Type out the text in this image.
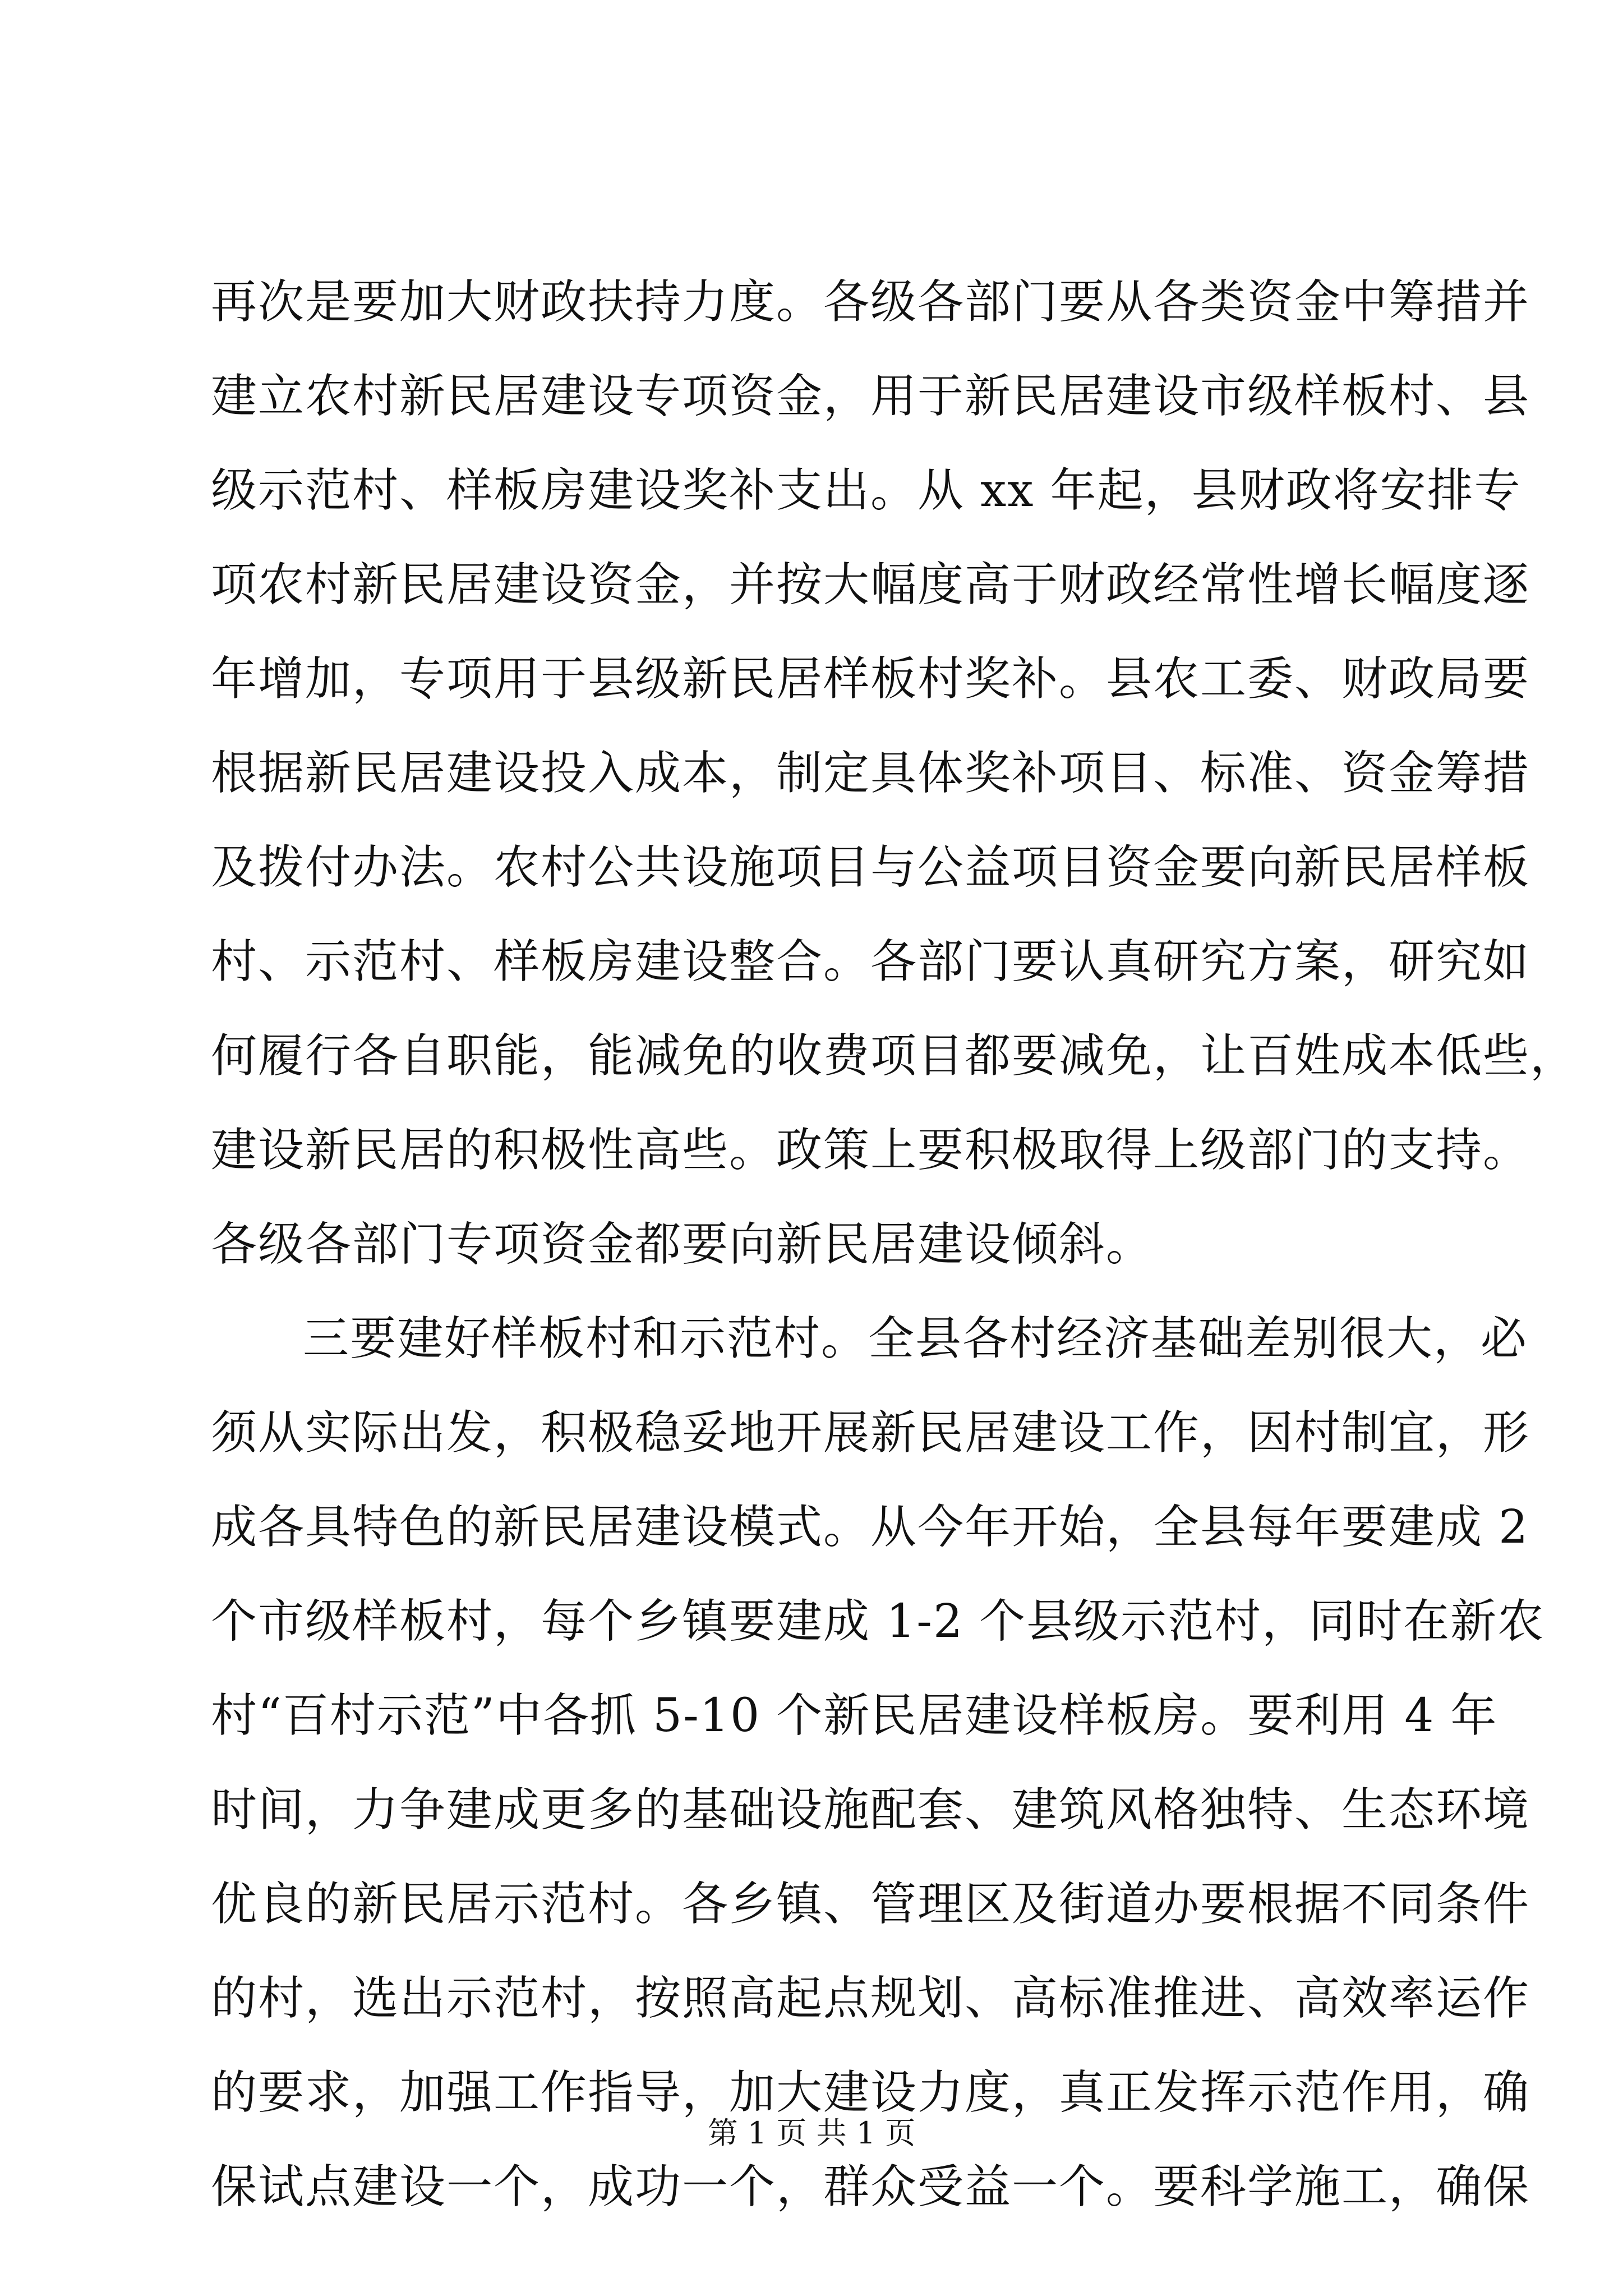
再次是要加大财政扶持力度。各级各部门要从各类资金中筹措并
建立农村新民居建设专项资金，用于新民居建设市级样板村、县
级示范村、样板房建设奖补支出。从 xx 年起，县财政将安排专
项农村新民居建设资金，并按大幅度高于财政经常性增长幅度逐
年增加，专项用于县级新民居样板村奖补。县农工委、财政局要
根据新民居建设投入成本，制定具体奖补项目、标准、资金筹措
及拨付办法。农村公共设施项目与公益项目资金要向新民居样板
村、示范村、样板房建设整合。各部门要认真研究方案，研究如
何履行各自职能，能减免的收费项目都要减免，让百姓成本低些，
建设新民居的积极性高些。政策上要积极取得上级部门的支持。
各级各部门专项资金都要向新民居建设倾斜。
三要建好样板村和示范村。全县各村经济基础差别很大，必
须从实际出发，积极稳妥地开展新民居建设工作，因村制宜，形
成各具特色的新民居建设模式。从今年开始，全县每年要建成 2
个市级样板村，每个乡镇要建成 1-2 个县级示范村，同时在新农
村“百村示范”中各抓 5-10 个新民居建设样板房。要利用 4 年
时间，力争建成更多的基础设施配套、建筑风格独特、生态环境
优良的新民居示范村。各乡镇、管理区及街道办要根据不同条件
的村，选出示范村，按照高起点规划、高标准推进、高效率运作
的要求，加强工作指导，加大建设力度，真正发挥示范作用，确
保试点建设一个，成功一个，群众受益一个。要科学施工，确保
第 1 页 共 1 页
